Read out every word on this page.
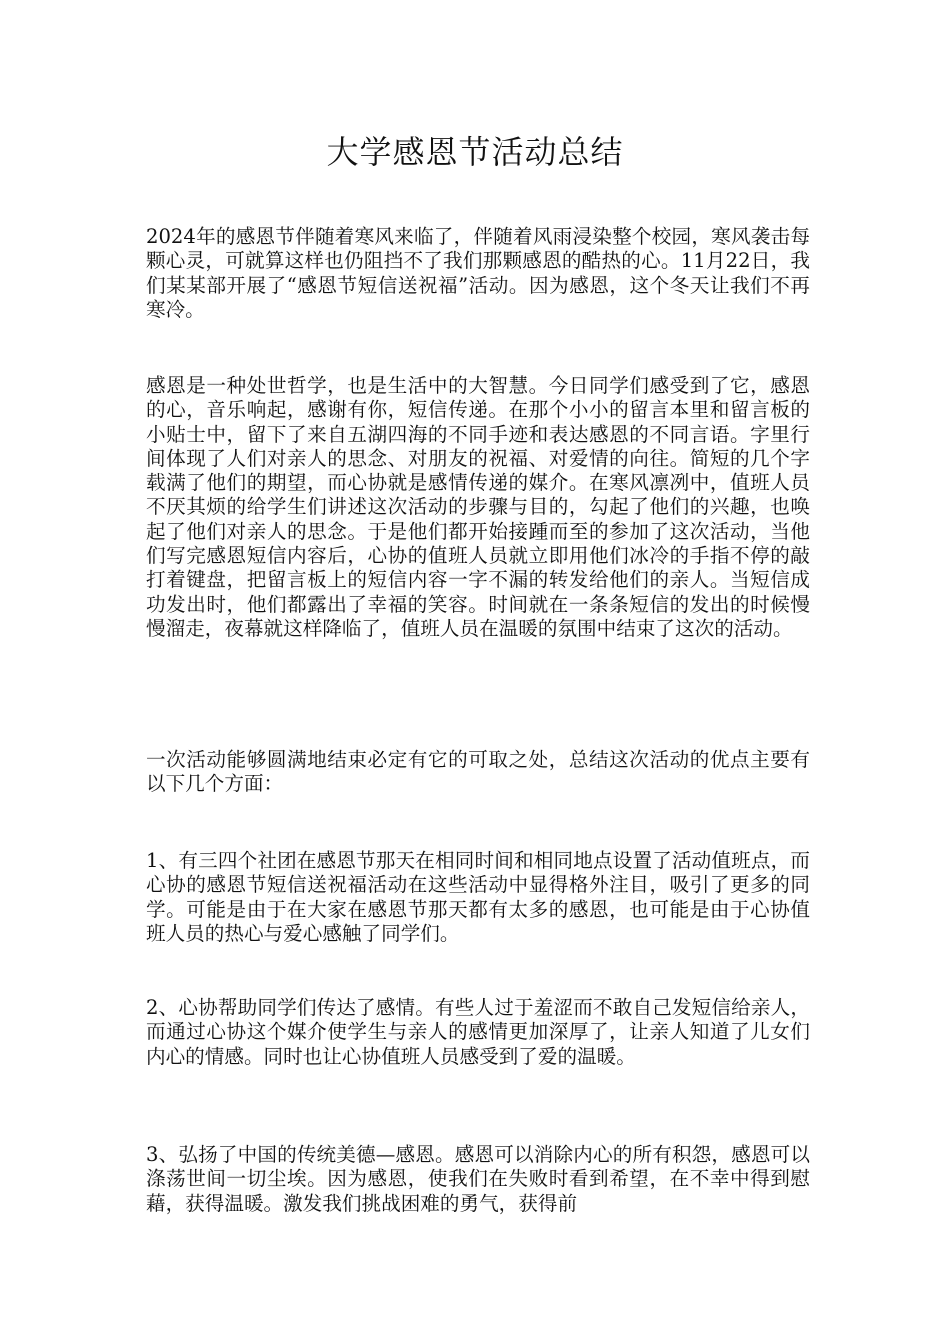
大学感恩节活动总结

2024年的感恩节伴随着寒风来临了，伴随着风雨浸染整个校园，寒风袭击每颗心灵，可就算这样也仍阻挡不了我们那颗感恩的酷热的心。11月22日，我们某某部开展了“感恩节短信送祝福”活动。因为感恩，这个冬天让我们不再寒冷。

感恩是一种处世哲学，也是生活中的大智慧。今日同学们感受到了它，感恩的心，音乐响起，感谢有你，短信传递。在那个小小的留言本里和留言板的小贴士中，留下了来自五湖四海的不同手迹和表达感恩的不同言语。字里行间体现了人们对亲人的思念、对朋友的祝福、对爱情的向往。简短的几个字载满了他们的期望，而心协就是感情传递的媒介。在寒风凛冽中，值班人员不厌其烦的给学生们讲述这次活动的步骤与目的，勾起了他们的兴趣，也唤起了他们对亲人的思念。于是他们都开始接踵而至的参加了这次活动，当他们写完感恩短信内容后，心协的值班人员就立即用他们冰冷的手指不停的敲打着键盘，把留言板上的短信内容一字不漏的转发给他们的亲人。当短信成功发出时，他们都露出了幸福的笑容。时间就在一条条短信的发出的时候慢慢溜走，夜幕就这样降临了，值班人员在温暖的氛围中结束了这次的活动。

一次活动能够圆满地结束必定有它的可取之处，总结这次活动的优点主要有以下几个方面：

1、有三四个社团在感恩节那天在相同时间和相同地点设置了活动值班点，而心协的感恩节短信送祝福活动在这些活动中显得格外注目，吸引了更多的同学。可能是由于在大家在感恩节那天都有太多的感恩，也可能是由于心协值班人员的热心与爱心感触了同学们。

2、心协帮助同学们传达了感情。有些人过于羞涩而不敢自己发短信给亲人，而通过心协这个媒介使学生与亲人的感情更加深厚了，让亲人知道了儿女们内心的情感。同时也让心协值班人员感受到了爱的温暖。

3、弘扬了中国的传统美德—感恩。感恩可以消除内心的所有积怨，感恩可以涤荡世间一切尘埃。因为感恩，使我们在失败时看到希望，在不幸中得到慰藉，获得温暖。激发我们挑战困难的勇气，获得前
